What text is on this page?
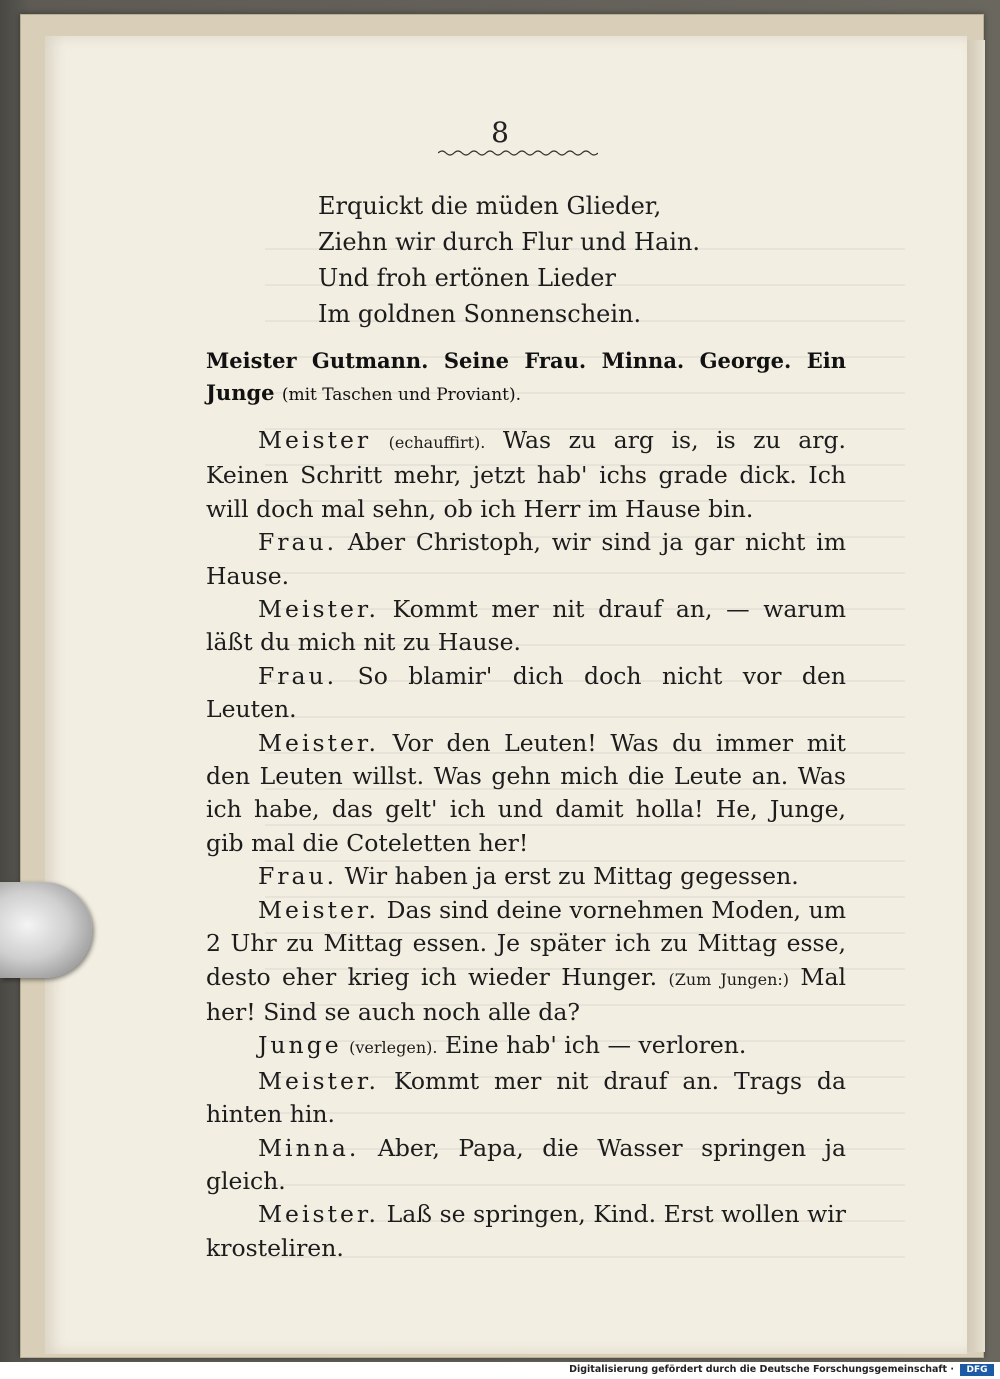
8
Erquickt die müden Glieder,
Ziehn wir durch Flur und Hain.
Und froh ertönen Lieder
Im goldnen Sonnenschein.
Meister Gutmann. Seine Frau. Minna. George. Ein Junge (mit Taschen und Proviant).

Meister (echauffirt). Was zu arg is, is zu arg. Keinen Schritt mehr, jetzt hab' ichs grade dick. Ich will doch mal sehn, ob ich Herr im Hause bin.

Frau. Aber Christoph, wir sind ja gar nicht im Hause.

Meister. Kommt mer nit drauf an, — warum läßt du mich nit zu Hause.

Frau. So blamir' dich doch nicht vor den Leuten.

Meister. Vor den Leuten! Was du immer mit den Leuten willst. Was gehn mich die Leute an. Was ich habe, das gelt' ich und damit holla! He, Junge, gib mal die Coteletten her!

Frau. Wir haben ja erst zu Mittag gegessen.

Meister. Das sind deine vornehmen Moden, um 2 Uhr zu Mittag essen. Je später ich zu Mittag esse, desto eher krieg ich wieder Hunger. (Zum Jungen:) Mal her! Sind se auch noch alle da?

Junge (verlegen). Eine hab' ich — verloren.

Meister. Kommt mer nit drauf an. Trags da hinten hin.

Minna. Aber, Papa, die Wasser springen ja gleich.

Meister. Laß se springen, Kind. Erst wollen wir krosteliren.

Digitalisierung gefördert durch die Deutsche Forschungsgemeinschaft ·	DFG
